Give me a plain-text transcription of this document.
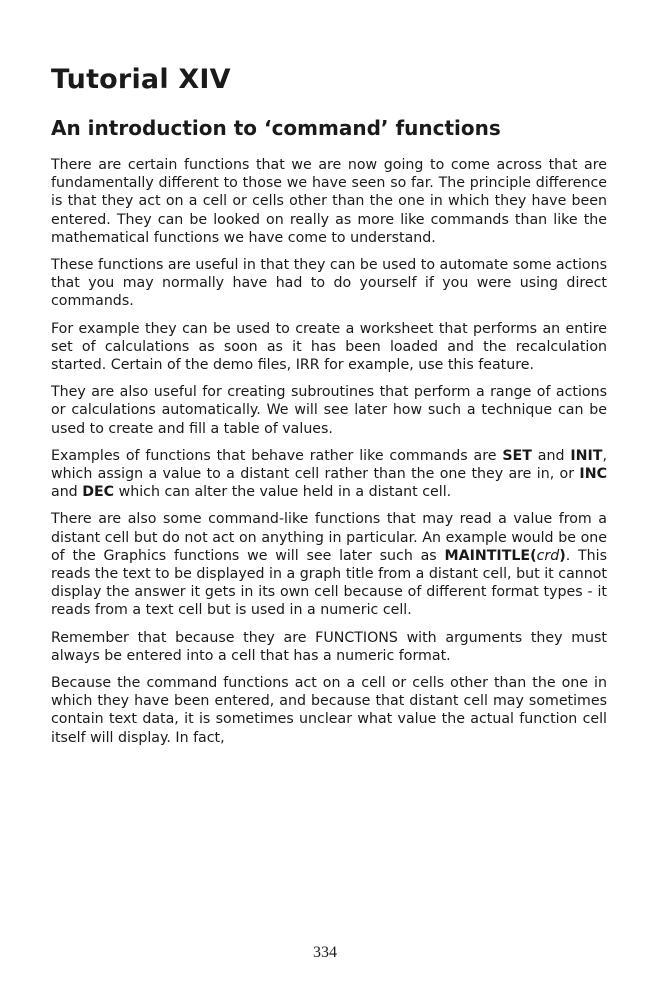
Tutorial XIV
An introduction to ‘command’ functions

There are certain functions that we are now going to come across that are fundamentally different to those we have seen so far. The principle difference is that they act on a cell or cells other than the one in which they have been entered. They can be looked on really as more like commands than like the mathematical functions we have come to understand.

These functions are useful in that they can be used to automate some actions that you may normally have had to do yourself if you were using direct commands.

For example they can be used to create a worksheet that performs an entire set of calculations as soon as it has been loaded and the recalculation started. Certain of the demo files, IRR for example, use this feature.

They are also useful for creating subroutines that perform a range of actions or calculations automatically. We will see later how such a technique can be used to create and fill a table of values.

Examples of functions that behave rather like commands are SET and INIT, which assign a value to a distant cell rather than the one they are in, or INC and DEC which can alter the value held in a distant cell.

There are also some command-like functions that may read a value from a distant cell but do not act on anything in particular. An example would be one of the Graphics functions we will see later such as MAINTITLE(crd). This reads the text to be displayed in a graph title from a distant cell, but it cannot display the answer it gets in its own cell because of different format types - it reads from a text cell but is used in a numeric cell.

Remember that because they are FUNCTIONS with arguments they must always be entered into a cell that has a numeric format.

Because the command functions act on a cell or cells other than the one in which they have been entered, and because that distant cell may sometimes contain text data, it is sometimes unclear what value the actual function cell itself will display. In fact,

334
